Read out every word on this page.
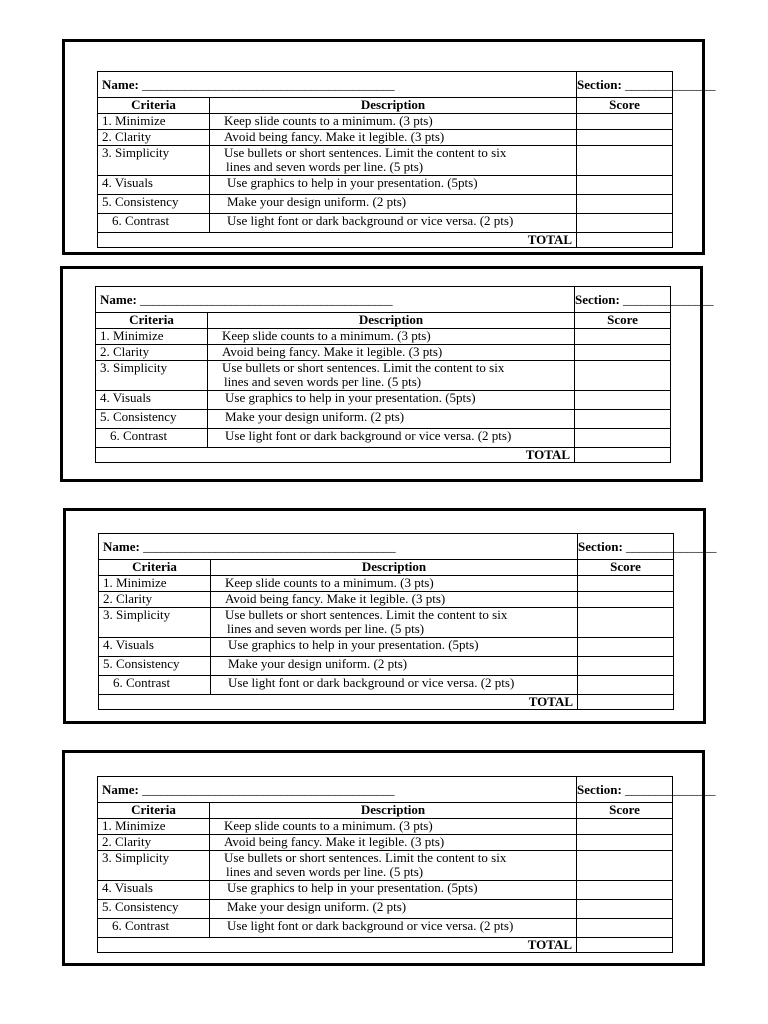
Name: __________________________________________		Section: _______________
Criteria	Description	Score
1. Minimize	Keep slide counts to a minimum. (3 pts)	
2. Clarity	Avoid being fancy. Make it legible. (3 pts)	
3. Simplicity	Use bullets or short sentences. Limit the content to six
lines and seven words per line. (5 pts)	

4. Visuals	Use graphics to help in your presentation. (5pts)	
5. Consistency	Make your design uniform. (2 pts)	
6. Contrast	Use light font or dark background or vice versa. (2 pts)	
TOTAL		
Name: __________________________________________		Section: _______________
Criteria	Description	Score
1. Minimize	Keep slide counts to a minimum. (3 pts)	
2. Clarity	Avoid being fancy. Make it legible. (3 pts)	
3. Simplicity	Use bullets or short sentences. Limit the content to six
lines and seven words per line. (5 pts)	

4. Visuals	Use graphics to help in your presentation. (5pts)	
5. Consistency	Make your design uniform. (2 pts)	
6. Contrast	Use light font or dark background or vice versa. (2 pts)	
TOTAL		
Name: __________________________________________		Section: _______________
Criteria	Description	Score
1. Minimize	Keep slide counts to a minimum. (3 pts)	
2. Clarity	Avoid being fancy. Make it legible. (3 pts)	
3. Simplicity	Use bullets or short sentences. Limit the content to six
lines and seven words per line. (5 pts)	

4. Visuals	Use graphics to help in your presentation. (5pts)	
5. Consistency	Make your design uniform. (2 pts)	
6. Contrast	Use light font or dark background or vice versa. (2 pts)	
TOTAL		
Name: __________________________________________		Section: _______________
Criteria	Description	Score
1. Minimize	Keep slide counts to a minimum. (3 pts)	
2. Clarity	Avoid being fancy. Make it legible. (3 pts)	
3. Simplicity	Use bullets or short sentences. Limit the content to six
lines and seven words per line. (5 pts)	

4. Visuals	Use graphics to help in your presentation. (5pts)	
5. Consistency	Make your design uniform. (2 pts)	
6. Contrast	Use light font or dark background or vice versa. (2 pts)	
TOTAL		
